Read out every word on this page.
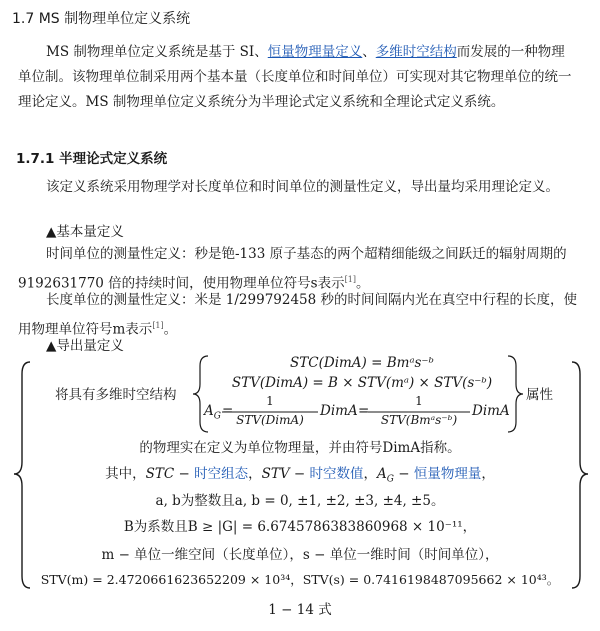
1.7 MS 制物理单位定义系统

MS 制物理单位定义系统是基于 SI、恒量物理量定义、多维时空结构而发展的一种物理单位制。该物理单位制采用两个基本量（长度单位和时间单位）可实现对其它物理单位的统一理论定义。MS 制物理单位定义系统分为半理论式定义系统和全理论式定义系统。

1.7.1 半理论式定义系统

该定义系统采用物理学对长度单位和时间单位的测量性定义，导出量均采用理论定义。

▲基本量定义

时间单位的测量性定义：秒是铯-133 原子基态的两个超精细能级之间跃迁的辐射周期的 9192631770 倍的持续时间，使用物理单位符号s表示[1]。

长度单位的测量性定义：米是 1/299792458 秒的时间间隔内光在真空中行程的长度，使用物理单位符号m表示[1]。

▲导出量定义
将具有多维时空结构	属性
STC(DimA) = Bmᵃs⁻ᵇ
STV(DimA) = B × STV(mᵃ) × STV(s⁻ᵇ)
$A_G$ =
1
STV(DimA)
DimA =
1
STV(Bmᵃs⁻ᵇ)
DimA
的物理实在定义为单位物理量，并由符号DimA指称。
其中，STC − 时空组态，STV − 时空数值，$A_G$ − 恒量物理量，
a, b为整数且a, b = 0, ±1, ±2, ±3, ±4, ±5。
B为系数且B ≥ |G| = 6.6745786383860968 × 10⁻¹¹，
m − 单位一维空间（长度单位），s − 单位一维时间（时间单位），
STV(m) = 2.4720661623652209 × 10³⁴，STV(s) = 0.7416198487095662 × 10⁴³。
1 − 14 式
